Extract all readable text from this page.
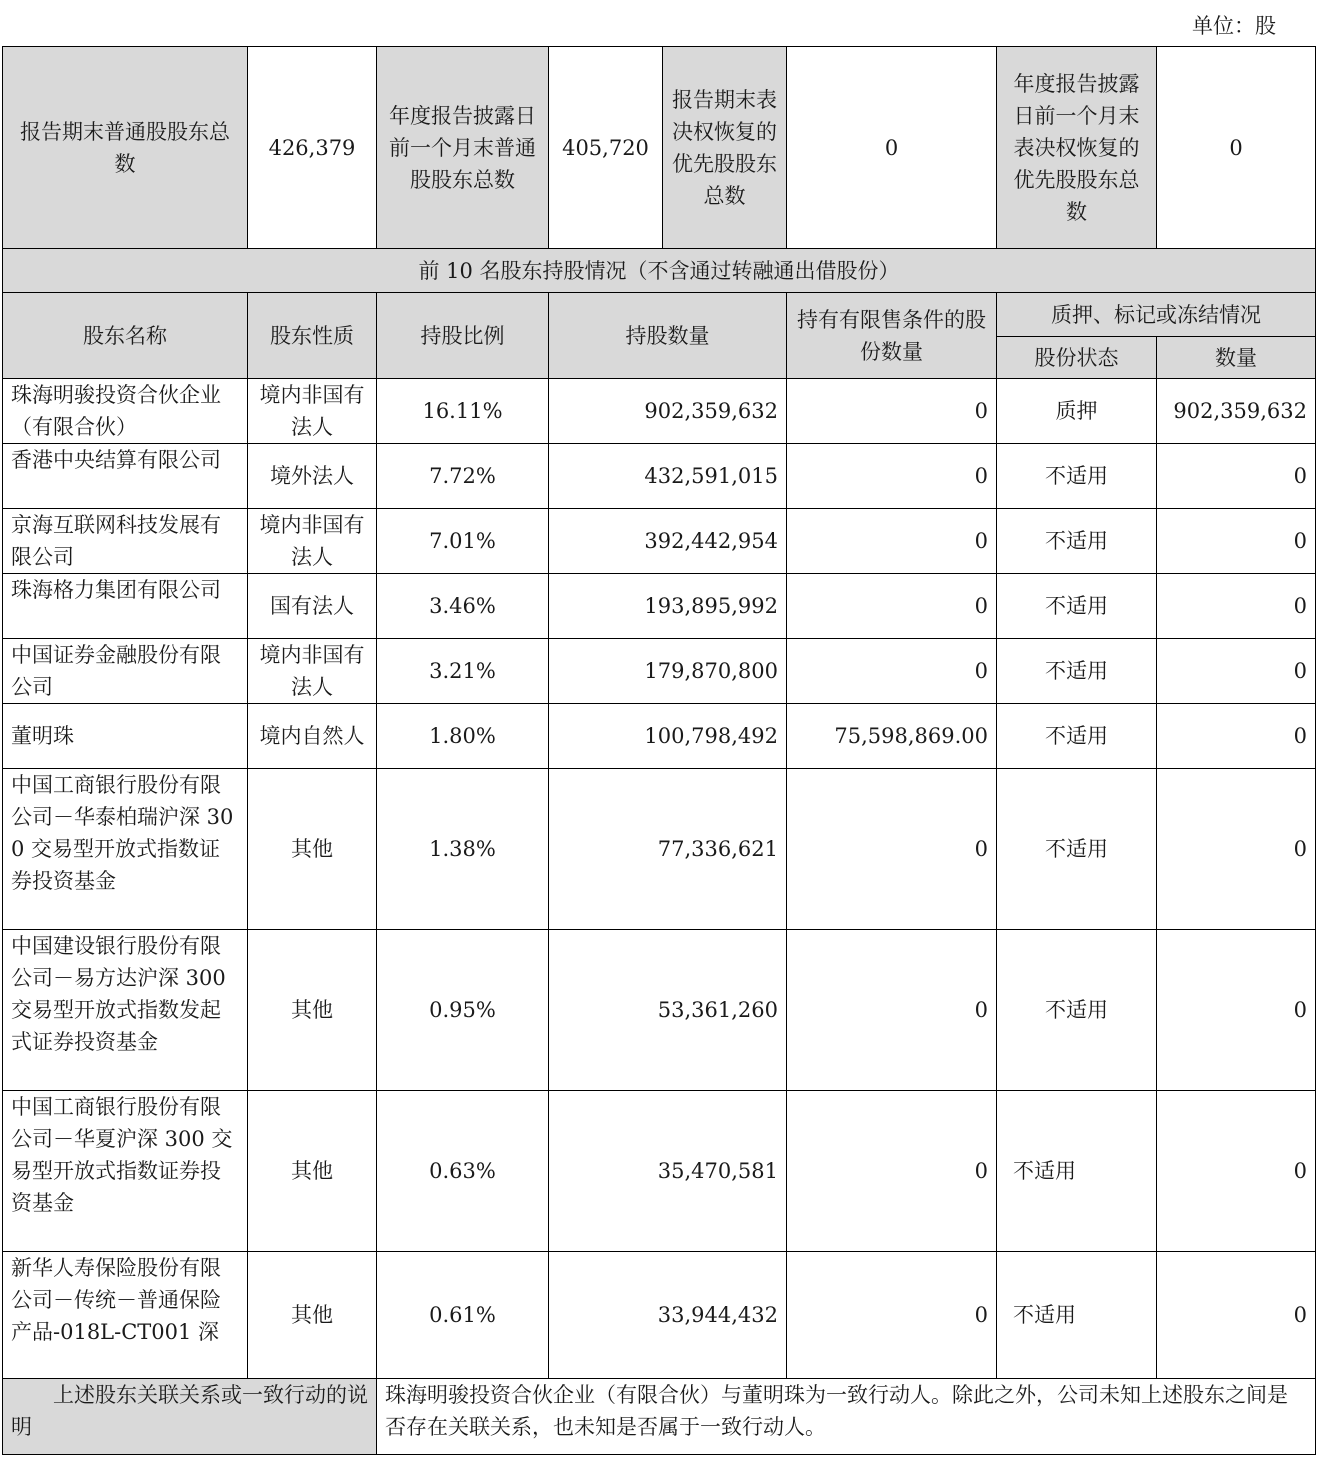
单位：股
报告期末普通股股东总数	426,379	年度报告披露日前一个月末普通股股东总数	405,720	报告期末表决权恢复的优先股股东总数	0	年度报告披露日前一个月末表决权恢复的优先股股东总数	0
前 10 名股东持股情况（不含通过转融通出借股份）							
股东名称	股东性质	持股比例	持股数量		持有有限售条件的股份数量	质押、标记或冻结情况	
						股份状态	数量
珠海明骏投资合伙企业（有限合伙）	境内非国有法人	16.11%	902,359,632		0	质押	902,359,632
香港中央结算有限公司	境外法人	7.72%	432,591,015		0	不适用	0
京海互联网科技发展有限公司	境内非国有法人	7.01%	392,442,954		0	不适用	0
珠海格力集团有限公司	国有法人	3.46%	193,895,992		0	不适用	0
中国证券金融股份有限公司	境内非国有法人	3.21%	179,870,800		0	不适用	0
董明珠	境内自然人	1.80%	100,798,492		75,598,869.00	不适用	0
中国工商银行股份有限公司－华泰柏瑞沪深 300 交易型开放式指数证券投资基金	其他	1.38%	77,336,621		0	不适用	0
中国建设银行股份有限公司－易方达沪深 300 交易型开放式指数发起式证券投资基金	其他	0.95%	53,361,260		0	不适用	0
中国工商银行股份有限公司－华夏沪深 300 交易型开放式指数证券投资基金	其他	0.63%	35,470,581		0	不适用	0
新华人寿保险股份有限公司－传统－普通保险产品-018L-CT001 深	其他	0.61%	33,944,432		0	不适用	0
上述股东关联关系或一致行动的说明		珠海明骏投资合伙企业（有限合伙）与董明珠为一致行动人。除此之外，公司未知上述股东之间是否存在关联关系，也未知是否属于一致行动人。					
